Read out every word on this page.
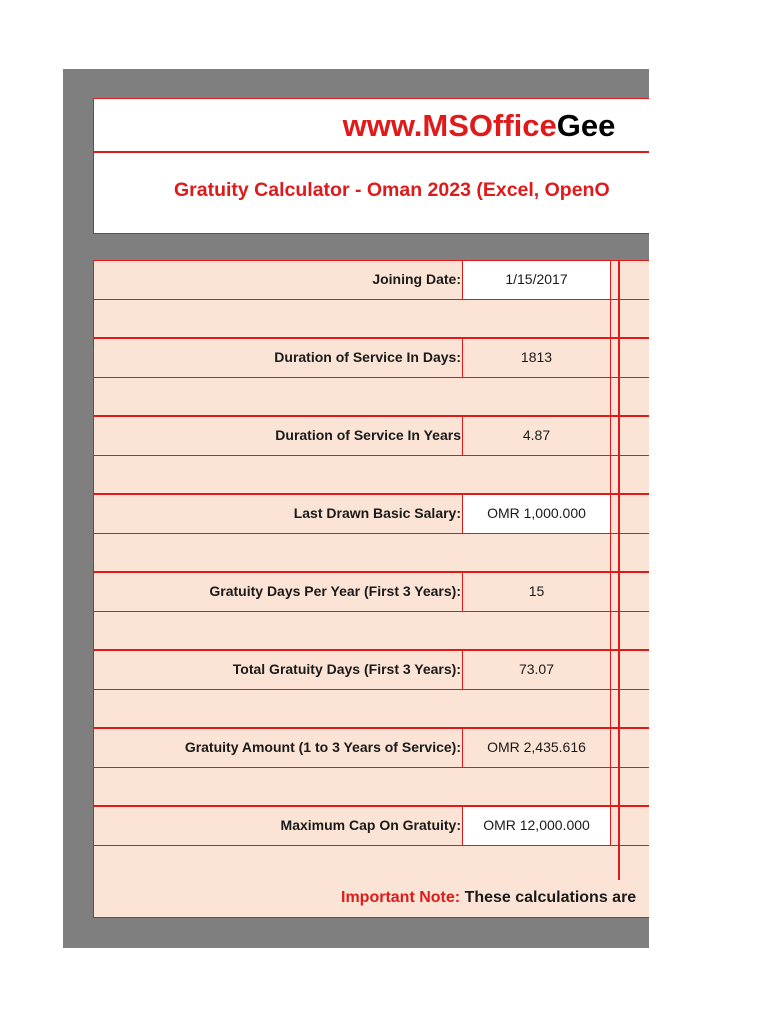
www.MSOfficeGee
Gratuity Calculator - Oman 2023 (Excel, OpenO
Joining Date:	1/15/2017
Duration of Service In Days:	1813
Duration of Service In Years	4.87
Last Drawn Basic Salary:	OMR 1,000.000
Gratuity Days Per Year (First 3 Years):	15
Total Gratuity Days (First 3 Years):	73.07
Gratuity Amount (1 to 3 Years of Service):	OMR 2,435.616
Maximum Cap On Gratuity:	OMR 12,000.000
Important Note: These calculations are
